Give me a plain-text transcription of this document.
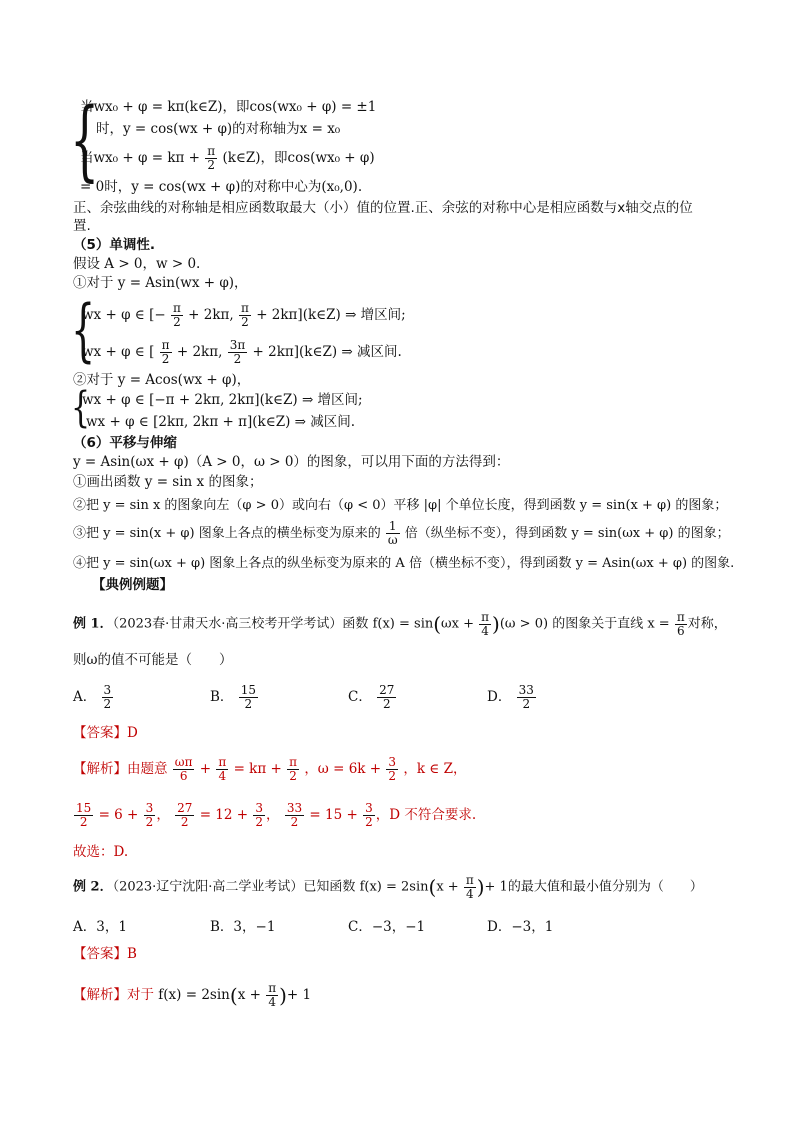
{
当wx₀ + φ = kπ(k∈Z)，即cos(wx₀ + φ) = ±1
时，y = cos(wx + φ)的对称轴为x = x₀
当$wx_0 + \varphi = k\pi + \frac{\pi}{2}$ (k∈Z)，即cos(wx₀ + φ)
= 0时，y = cos(wx + φ)的对称中心为(x₀,0).
正、余弦曲线的对称轴是相应函数取最大（小）值的位置.正、余弦的对称中心是相应函数与x轴交点的位
置.
（5）单调性.
假设 A > 0，w > 0.
①对于 y = Asin(wx + φ)，
{
wx + φ ∈ [− $\frac{\pi}{2} + 2k\pi$, $\frac{\pi}{2}$ + 2kπ](k∈Z) ⇒ 增区间;
wx + φ ∈ [ $\frac{\pi}{2} + 2k\pi$, $\frac{3\pi}{2}$ + 2kπ](k∈Z) ⇒ 减区间.
②对于 y = Acos(wx + φ)，
{
wx + φ ∈ [−π + 2kπ, 2kπ](k∈Z) ⇒ 增区间;
wx + φ ∈ [2kπ, 2kπ + π](k∈Z) ⇒ 减区间.
（6）平移与伸缩
y = Asin(ωx + φ)（A > 0，ω > 0）的图象，可以用下面的方法得到：
①画出函数 y = sin x 的图象；
②把 y = sin x 的图象向左（φ > 0）或向右（φ < 0）平移 |φ| 个单位长度，得到函数 y = sin(x + φ) 的图象；
③把 y = sin(x + φ) 图象上各点的横坐标变为原来的 $\frac{1}{\omega}$ 倍（纵坐标不变），得到函数 y = sin(ωx + φ) 的图象；
④把 y = sin(ωx + φ) 图象上各点的纵坐标变为原来的 A 倍（横坐标不变），得到函数 y = Asin(ωx + φ) 的图象.
【典例例题】
例 1．（2023春·甘肃天水·高三校考开学考试）函数 $f(x) = \sin(\omega x + \frac{\pi}{4} )(\omega > 0)$ 的图象关于直线 $x = \frac{\pi}{6}$ 对称，
则ω的值不可能是（　　）
A． $\frac{3}{2}$	B． $\frac{15}{2}$	C． $\frac{27}{2}$	D． $\frac{33}{2}$
【答案】D
【解析】由题意 $\frac{\omega\pi}{6} + \frac{\pi}{4} = k\pi + \frac{\pi}{2}$ ，$\omega = 6k + \frac{3}{2}$ ，k ∈ Z，
$\frac{15}{2} = 6 + \frac{3}{2}$ ， $\frac{27}{2} = 12 + \frac{3}{2}$ ， $\frac{33}{2} = 15 + \frac{3}{2}$ ，D 不符合要求.
故选：D.
例 2．（2023·辽宁沈阳·高二学业考试）已知函数 $f(x) = 2\sin(x + \frac{\pi}{4}$ )+ 1的最大值和最小值分别为（　　）
A．3，1	B．3，−1	C．−3，−1	D．−3，1
【答案】B
【解析】对于 $f(x) = 2\sin(x + \frac{\pi}{4}$ )+ 1
